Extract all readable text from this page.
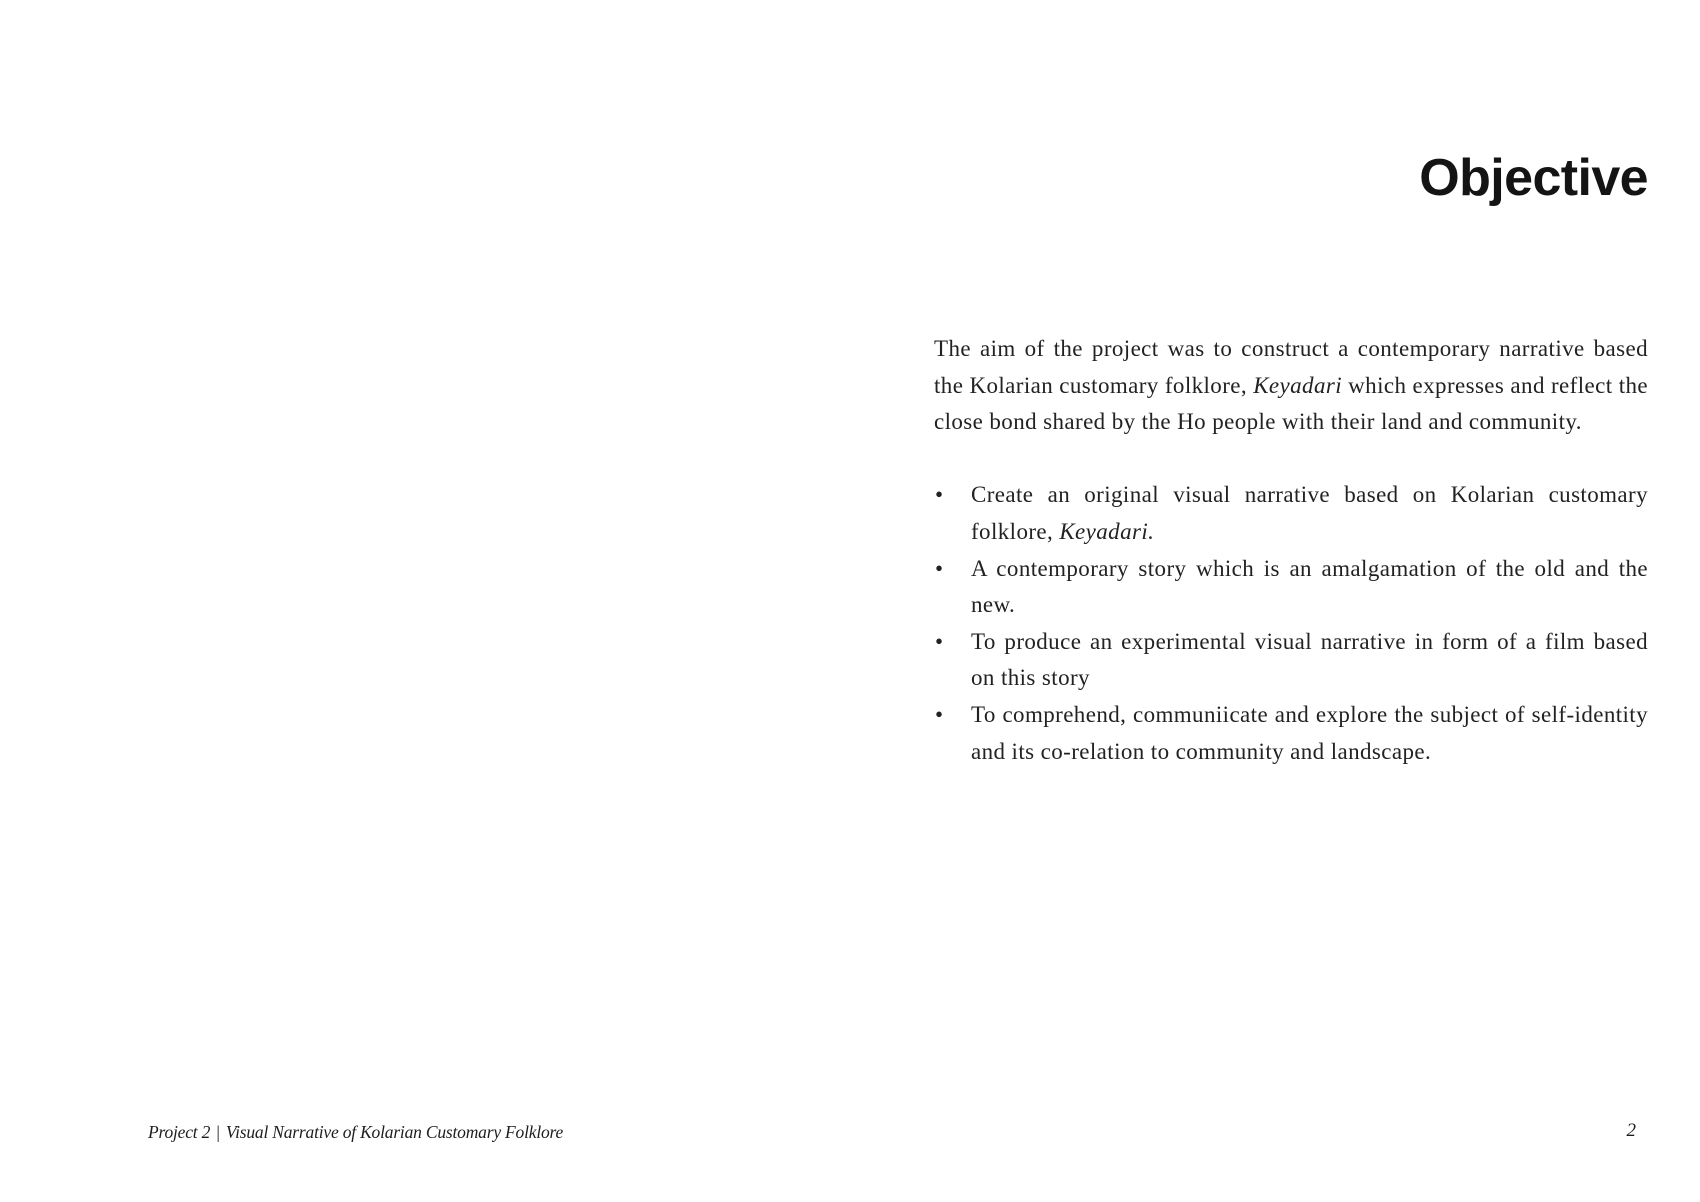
Objective

The aim of the project was to construct a contemporary narrative based the Kolarian customary folklore, Keyadari which expresses and reflect the close bond shared by the Ho people with their land and community.

• Create an original visual narrative based on Kolarian customary folklore, Keyadari.
• A contemporary story which is an amalgamation of the old and the new.
• To produce an experimental visual narrative in form of a film based on this story
• To comprehend, communiicate and explore the subject of self-identity and its co-relation to community and landscape.
Project 2 | Visual Narrative of Kolarian Customary Folklore	2
